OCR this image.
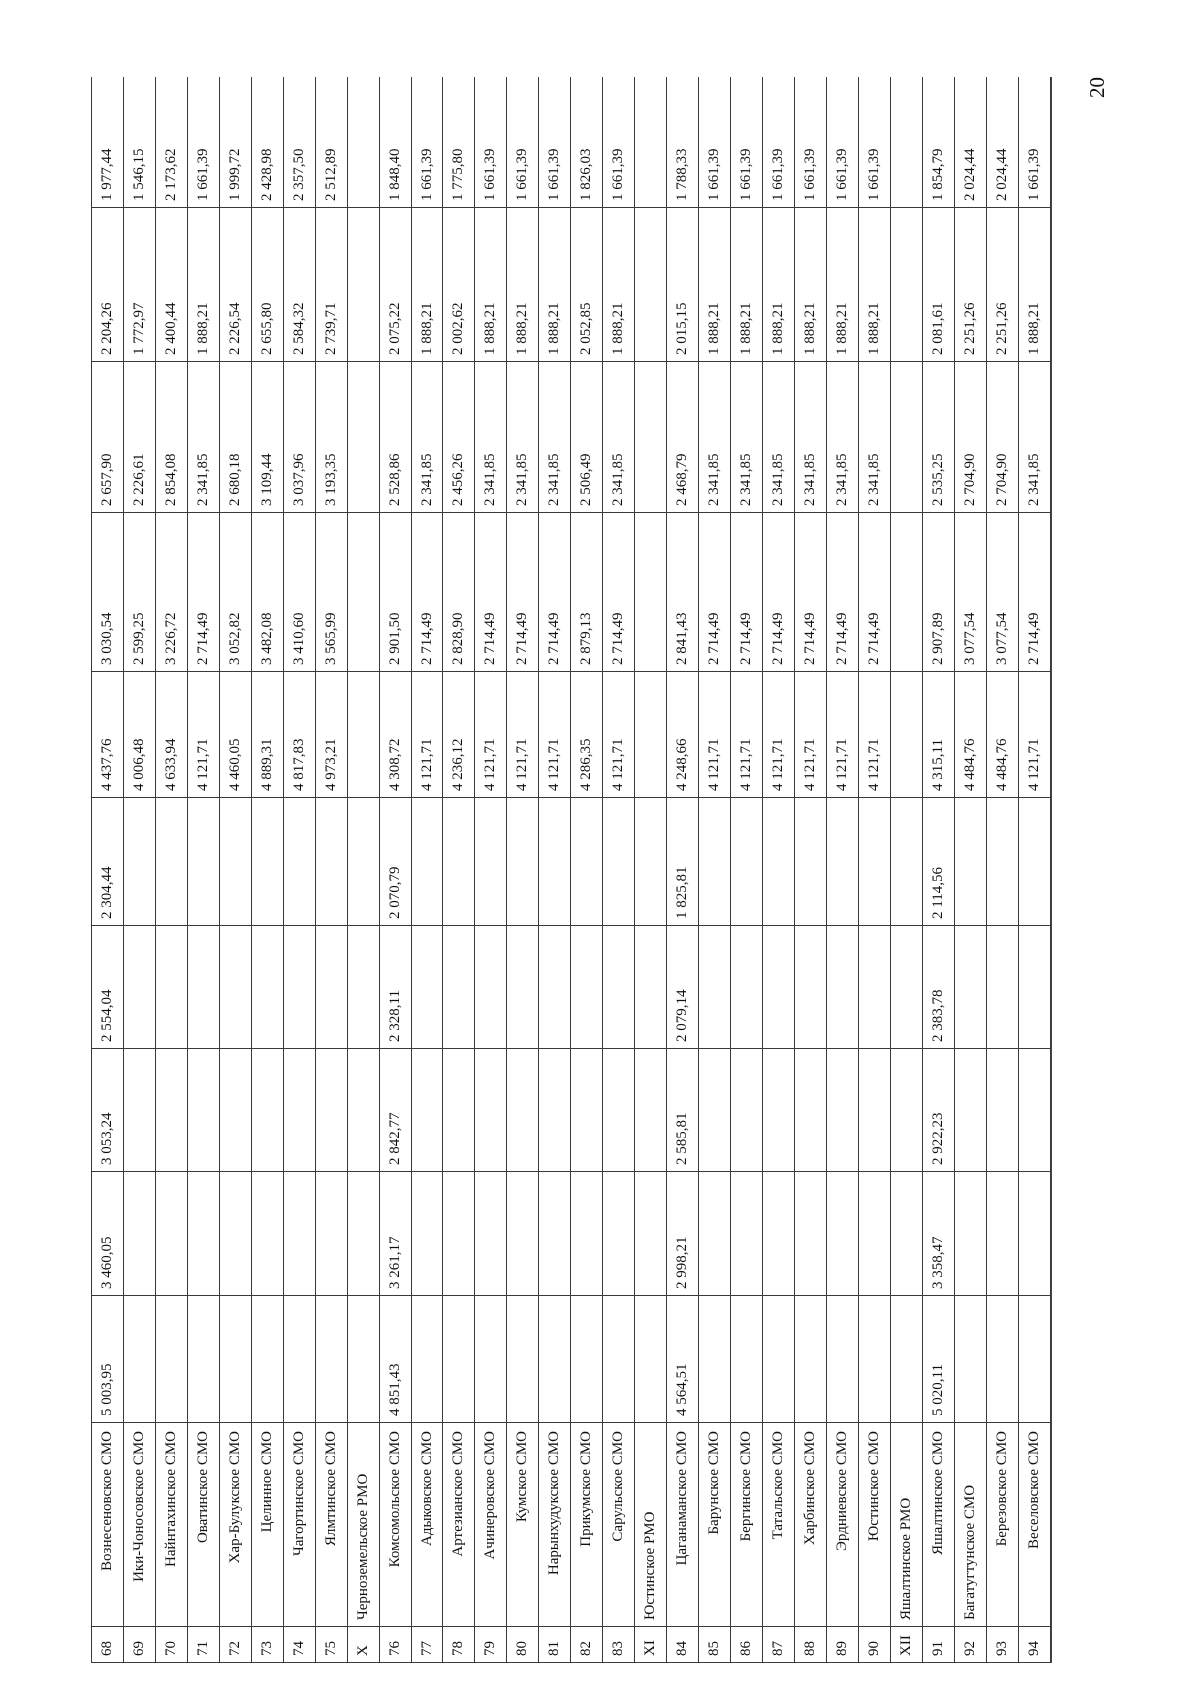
20
68	Вознесеновское СМО	5 003,95	3 460,05	3 053,24	2 554,04	2 304,44	4 437,76	3 030,54	2 657,90	2 204,26	1 977,44
69	Ики-Чоносовское СМО						4 006,48	2 599,25	2 226,61	1 772,97	1 546,15
70	Найнтахинское СМО						4 633,94	3 226,72	2 854,08	2 400,44	2 173,62
71	Оватинское СМО						4 121,71	2 714,49	2 341,85	1 888,21	1 661,39
72	Хар-Булукское СМО						4 460,05	3 052,82	2 680,18	2 226,54	1 999,72
73	Целинное СМО						4 889,31	3 482,08	3 109,44	2 655,80	2 428,98
74	Чагортинское СМО						4 817,83	3 410,60	3 037,96	2 584,32	2 357,50
75	Ялмтинское СМО						4 973,21	3 565,99	3 193,35	2 739,71	2 512,89
X	Черноземельское РМО										
76	Комсомольское СМО	4 851,43	3 261,17	2 842,77	2 328,11	2 070,79	4 308,72	2 901,50	2 528,86	2 075,22	1 848,40
77	Адыковское СМО						4 121,71	2 714,49	2 341,85	1 888,21	1 661,39
78	Артезианское СМО						4 236,12	2 828,90	2 456,26	2 002,62	1 775,80
79	Ачинеровское СМО						4 121,71	2 714,49	2 341,85	1 888,21	1 661,39
80	Кумское СМО						4 121,71	2 714,49	2 341,85	1 888,21	1 661,39
81	Нарынхудукское СМО						4 121,71	2 714,49	2 341,85	1 888,21	1 661,39
82	Прикумское СМО						4 286,35	2 879,13	2 506,49	2 052,85	1 826,03
83	Сарульское СМО						4 121,71	2 714,49	2 341,85	1 888,21	1 661,39
XI	Юстинское РМО										
84	Цаганаманское СМО	4 564,51	2 998,21	2 585,81	2 079,14	1 825,81	4 248,66	2 841,43	2 468,79	2 015,15	1 788,33
85	Барунское СМО						4 121,71	2 714,49	2 341,85	1 888,21	1 661,39
86	Бергинское СМО						4 121,71	2 714,49	2 341,85	1 888,21	1 661,39
87	Татальское СМО						4 121,71	2 714,49	2 341,85	1 888,21	1 661,39
88	Харбинское СМО						4 121,71	2 714,49	2 341,85	1 888,21	1 661,39
89	Эрдниевское СМО						4 121,71	2 714,49	2 341,85	1 888,21	1 661,39
90	Юстинское СМО						4 121,71	2 714,49	2 341,85	1 888,21	1 661,39
XII	Яшалтинское РМО										
91	Яшалтинское СМО	5 020,11	3 358,47	2 922,23	2 383,78	2 114,56	4 315,11	2 907,89	2 535,25	2 081,61	1 854,79
92	Багатугтунское СМО						4 484,76	3 077,54	2 704,90	2 251,26	2 024,44
93	Березовское СМО						4 484,76	3 077,54	2 704,90	2 251,26	2 024,44
94	Веселовское СМО						4 121,71	2 714,49	2 341,85	1 888,21	1 661,39
